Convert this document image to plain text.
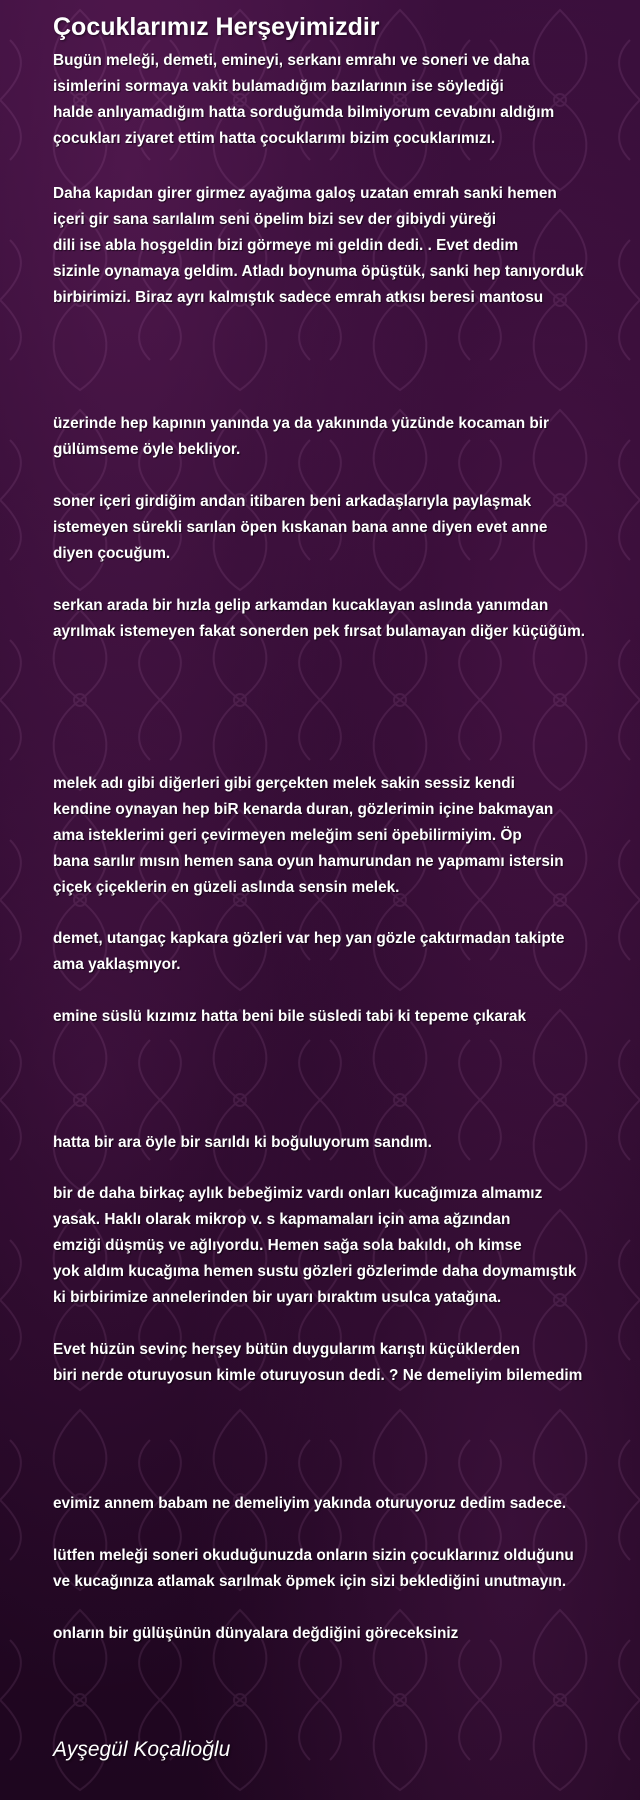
Çocuklarımız Herşeyimizdir

Bugün meleği, demeti, emineyi, serkanı emrahı ve soneri ve daha
isimlerini sormaya vakit bulamadığım bazılarının ise söylediği
halde anlıyamadığım hatta sorduğumda bilmiyorum cevabını aldığım
çocukları ziyaret ettim hatta çocuklarımı bizim çocuklarımızı.

Daha kapıdan girer girmez ayağıma galoş uzatan emrah sanki hemen
içeri gir sana sarılalım seni öpelim bizi sev der gibiydi yüreği
dili ise abla hoşgeldin bizi görmeye mi geldin dedi. . Evet dedim
sizinle oynamaya geldim. Atladı boynuma öpüştük, sanki hep tanıyorduk
birbirimizi. Biraz ayrı kalmıştık sadece emrah atkısı beresi mantosu

üzerinde hep kapının yanında ya da yakınında yüzünde kocaman bir
gülümseme öyle bekliyor.

soner içeri girdiğim andan itibaren beni arkadaşlarıyla paylaşmak
istemeyen sürekli sarılan öpen kıskanan bana anne diyen evet anne
diyen çocuğum.

serkan arada bir hızla gelip arkamdan kucaklayan aslında yanımdan
ayrılmak istemeyen fakat sonerden pek fırsat bulamayan diğer küçüğüm.

melek adı gibi diğerleri gibi gerçekten melek sakin sessiz kendi
kendine oynayan hep biR kenarda duran, gözlerimin içine bakmayan
ama isteklerimi geri çevirmeyen meleğim seni öpebilirmiyim. Öp
bana sarılır mısın hemen sana oyun hamurundan ne yapmamı istersin
çiçek çiçeklerin en güzeli aslında sensin melek.

demet, utangaç kapkara gözleri var hep yan gözle çaktırmadan takipte
ama yaklaşmıyor.

emine süslü kızımız hatta beni bile süsledi tabi ki tepeme çıkarak

hatta bir ara öyle bir sarıldı ki boğuluyorum sandım.

bir de daha birkaç aylık bebeğimiz vardı onları kucağımıza almamız
yasak. Haklı olarak mikrop v. s kapmamaları için ama ağzından
emziği düşmüş ve ağlıyordu. Hemen sağa sola bakıldı, oh kimse
yok aldım kucağıma hemen sustu gözleri gözlerimde daha doymamıştık
ki birbirimize annelerinden bir uyarı bıraktım usulca yatağına.

Evet hüzün sevinç herşey bütün duygularım karıştı küçüklerden
biri nerde oturuyosun kimle oturuyosun dedi. ? Ne demeliyim bilemedim

evimiz annem babam ne demeliyim yakında oturuyoruz dedim sadece.

lütfen meleği soneri okuduğunuzda onların sizin çocuklarınız olduğunu
ve kucağınıza atlamak sarılmak öpmek için sizi beklediğini unutmayın.

onların bir gülüşünün dünyalara değdiğini göreceksiniz

Ayşegül Koçalioğlu
